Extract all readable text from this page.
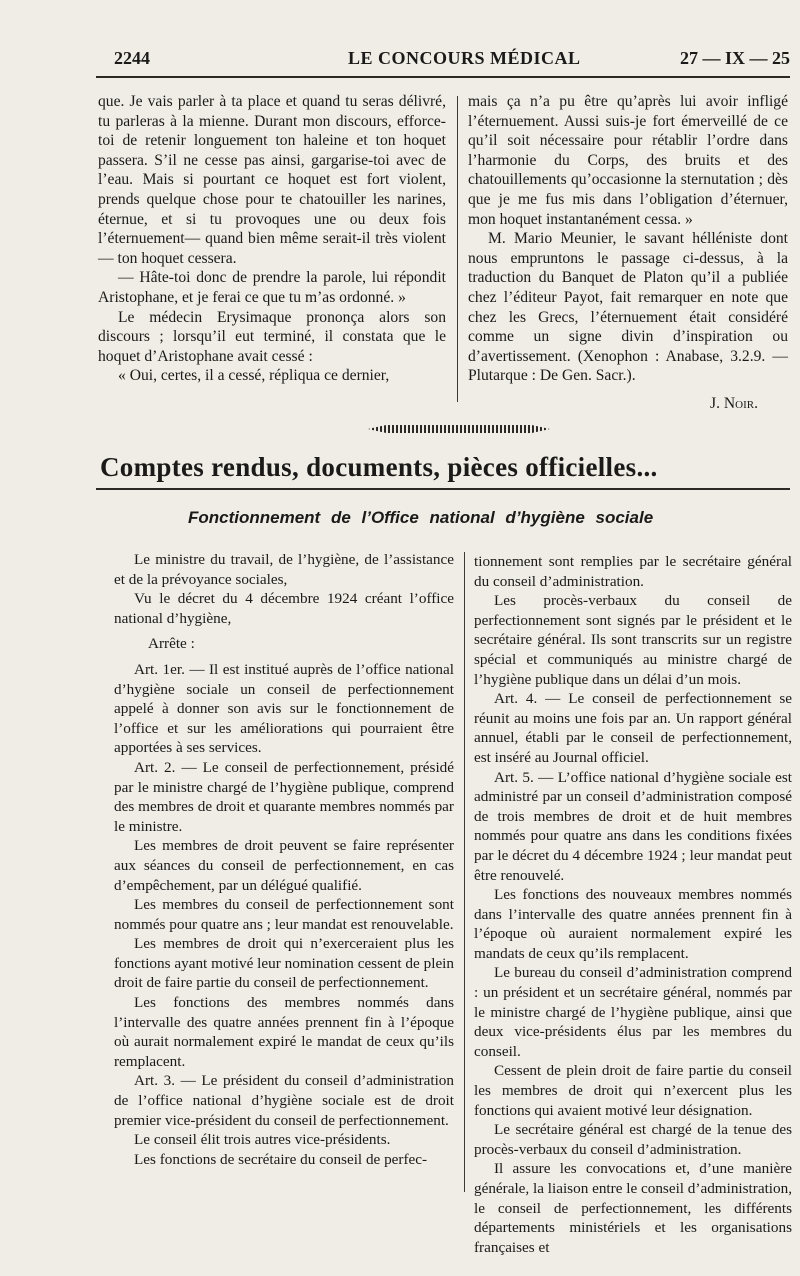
2244	LE CONCOURS MÉDICAL	27 — IX — 25

que. Je vais parler à ta place et quand tu seras délivré, tu parleras à la mienne. Durant mon discours, efforce-toi de retenir longuement ton haleine et ton hoquet passera. S’il ne cesse pas ainsi, gargarise-toi avec de l’eau. Mais si pourtant ce hoquet est fort violent, prends quelque chose pour te chatouiller les narines, éternue, et si tu provoques une ou deux fois l’éternuement— quand bien même serait-il très violent — ton hoquet cessera.

— Hâte-toi donc de prendre la parole, lui répondit Aristophane, et je ferai ce que tu m’as ordonné. »

Le médecin Erysimaque prononça alors son discours ; lorsqu’il eut terminé, il constata que le hoquet d’Aristophane avait cessé :

« Oui, certes, il a cessé, répliqua ce dernier,

mais ça n’a pu être qu’après lui avoir infligé l’éternuement. Aussi suis-je fort émerveillé de ce qu’il soit nécessaire pour rétablir l’ordre dans l’harmonie du Corps, des bruits et des chatouillements qu’occasionne la sternutation ; dès que je me fus mis dans l’obligation d’éternuer, mon hoquet instantanément cessa. »

M. Mario Meunier, le savant hélléniste dont nous empruntons le passage ci-dessus, à la traduction du Banquet de Platon qu’il a publiée chez l’éditeur Payot, fait remarquer en note que chez les Grecs, l’éternuement était considéré comme un signe divin d’inspiration ou d’avertissement. (Xenophon : Anabase, 3.2.9. — Plutarque : De Gen. Sacr.).

J. Noir.

Comptes rendus, documents, pièces officielles...
Fonctionnement de l’Office national d’hygiène sociale

Le ministre du travail, de l’hygiène, de l’assistance et de la prévoyance sociales,

Vu le décret du 4 décembre 1924 créant l’office national d’hygiène,

Arrête :

Art. 1er. — Il est institué auprès de l’office national d’hygiène sociale un conseil de perfectionnement appelé à donner son avis sur le fonctionnement de l’office et sur les améliorations qui pourraient être apportées à ses services.

Art. 2. — Le conseil de perfectionnement, présidé par le ministre chargé de l’hygiène publique, comprend des membres de droit et quarante membres nommés par le ministre.

Les membres de droit peuvent se faire représenter aux séances du conseil de perfectionnement, en cas d’empêchement, par un délégué qualifié.

Les membres du conseil de perfectionnement sont nommés pour quatre ans ; leur mandat est renouvelable.

Les membres de droit qui n’exerceraient plus les fonctions ayant motivé leur nomination cessent de plein droit de faire partie du conseil de perfectionnement.

Les fonctions des membres nommés dans l’intervalle des quatre années prennent fin à l’époque où aurait normalement expiré le mandat de ceux qu’ils remplacent.

Art. 3. — Le président du conseil d’administration de l’office national d’hygiène sociale est de droit premier vice-président du conseil de perfectionnement.

Le conseil élit trois autres vice-présidents.

Les fonctions de secrétaire du conseil de perfec-

tionnement sont remplies par le secrétaire général du conseil d’administration.

Les procès-verbaux du conseil de perfectionnement sont signés par le président et le secrétaire général. Ils sont transcrits sur un registre spécial et communiqués au ministre chargé de l’hygiène publique dans un délai d’un mois.

Art. 4. — Le conseil de perfectionnement se réunit au moins une fois par an. Un rapport général annuel, établi par le conseil de perfectionnement, est inséré au Journal officiel.

Art. 5. — L’office national d’hygiène sociale est administré par un conseil d’administration composé de trois membres de droit et de huit membres nommés pour quatre ans dans les conditions fixées par le décret du 4 décembre 1924 ; leur mandat peut être renouvelé.

Les fonctions des nouveaux membres nommés dans l’intervalle des quatre années prennent fin à l’époque où auraient normalement expiré les mandats de ceux qu’ils remplacent.

Le bureau du conseil d’administration comprend : un président et un secrétaire général, nommés par le ministre chargé de l’hygiène publique, ainsi que deux vice-présidents élus par les membres du conseil.

Cessent de plein droit de faire partie du conseil les membres de droit qui n’exercent plus les fonctions qui avaient motivé leur désignation.

Le secrétaire général est chargé de la tenue des procès-verbaux du conseil d’administration.

Il assure les convocations et, d’une manière générale, la liaison entre le conseil d’administration, le conseil de perfectionnement, les différents départements ministériels et les organisations françaises et
